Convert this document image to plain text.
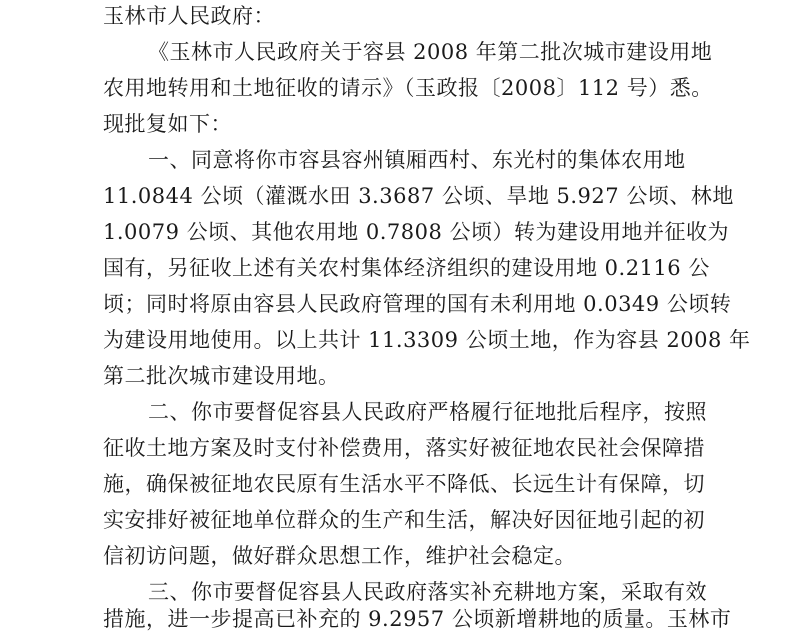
玉林市人民政府：
《玉林市人民政府关于容县 2008 年第二批次城市建设用地
农用地转用和土地征收的请示》（玉政报〔2008〕112 号）悉。
现批复如下：
一、同意将你市容县容州镇厢西村、东光村的集体农用地
11.0844 公顷（灌溉水田 3.3687 公顷、旱地 5.927 公顷、林地
1.0079 公顷、其他农用地 0.7808 公顷）转为建设用地并征收为
国有，另征收上述有关农村集体经济组织的建设用地 0.2116 公
顷；同时将原由容县人民政府管理的国有未利用地 0.0349 公顷转
为建设用地使用。以上共计 11.3309 公顷土地，作为容县 2008 年
第二批次城市建设用地。
二、你市要督促容县人民政府严格履行征地批后程序，按照
征收土地方案及时支付补偿费用，落实好被征地农民社会保障措
施，确保被征地农民原有生活水平不降低、长远生计有保障，切
实安排好被征地单位群众的生产和生活，解决好因征地引起的初
信初访问题，做好群众思想工作，维护社会稳定。
三、你市要督促容县人民政府落实补充耕地方案，采取有效
措施，进一步提高已补充的 9.2957 公顷新增耕地的质量。玉林市
